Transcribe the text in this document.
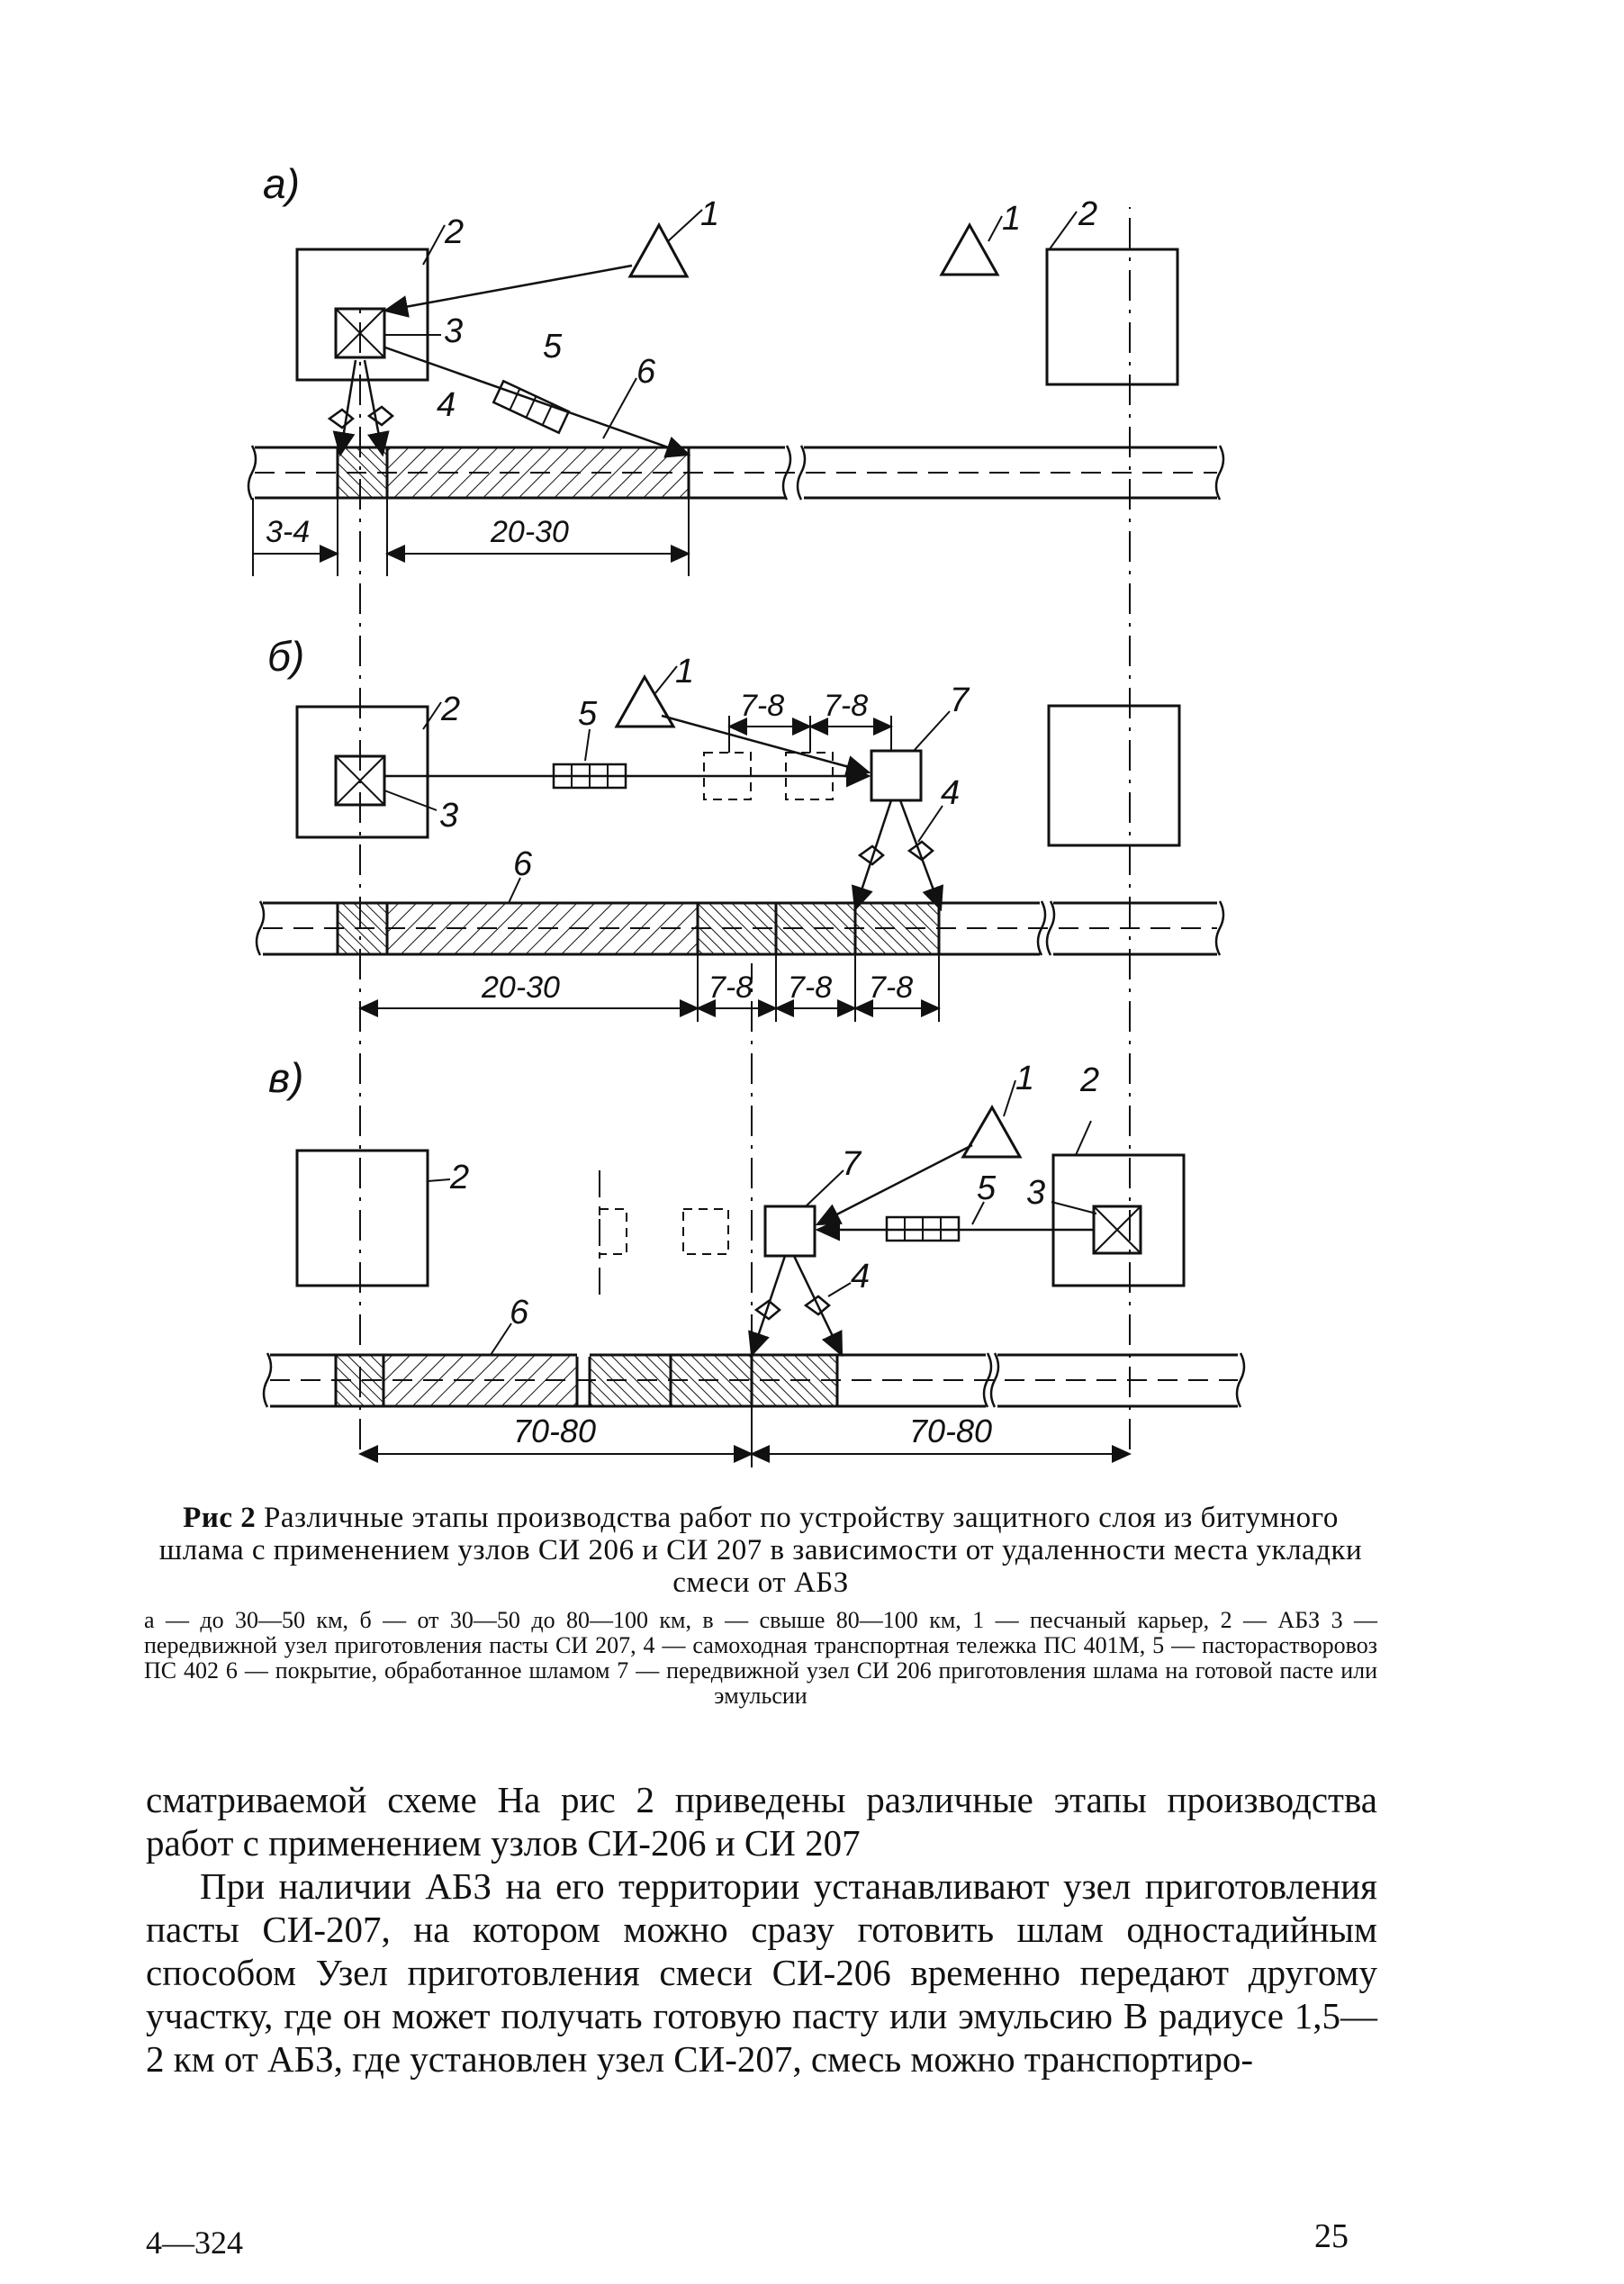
а)
3-4	20-30
1	1
2	2
3
4
5
6
б)
7-8 7-8
20-30	7-8 7-8 7-8
1
2
3
4
5
6
7
в)
70-80	70-80
1
2
2
3
4
5
6
7

Рис 2 Различные этапы производства работ по устройству защитного слоя из битумного шлама с применением узлов СИ 206 и СИ 207 в зависимости от удаленности места укладки смеси от АБЗ

а — до 30—50 км, б — от 30—50 до 80—100 км, в — свыше 80—100 км, 1 — песчаный карьер, 2 — АБЗ 3 — передвижной узел приготовления пасты СИ 207, 4 — самоходная транспортная тележка ПС 401М, 5 — пасторастворовоз ПС 402 6 — покрытие, обработанное шламом 7 — передвижной узел СИ 206 приготовления шлама на готовой пасте или эмульсии

сматриваемой схеме На рис 2 приведены различные этапы производства работ с применением узлов СИ-206 и СИ 207

При наличии АБЗ на его территории устанавливают узел приготовления пасты СИ-207, на котором можно сразу готовить шлам одностадийным способом Узел приготовления смеси СИ-206 временно передают другому участку, где он может получать готовую пасту или эмульсию В радиусе 1,5—2 км от АБЗ, где установлен узел СИ-207, смесь можно транспортиро-

4—324	25
